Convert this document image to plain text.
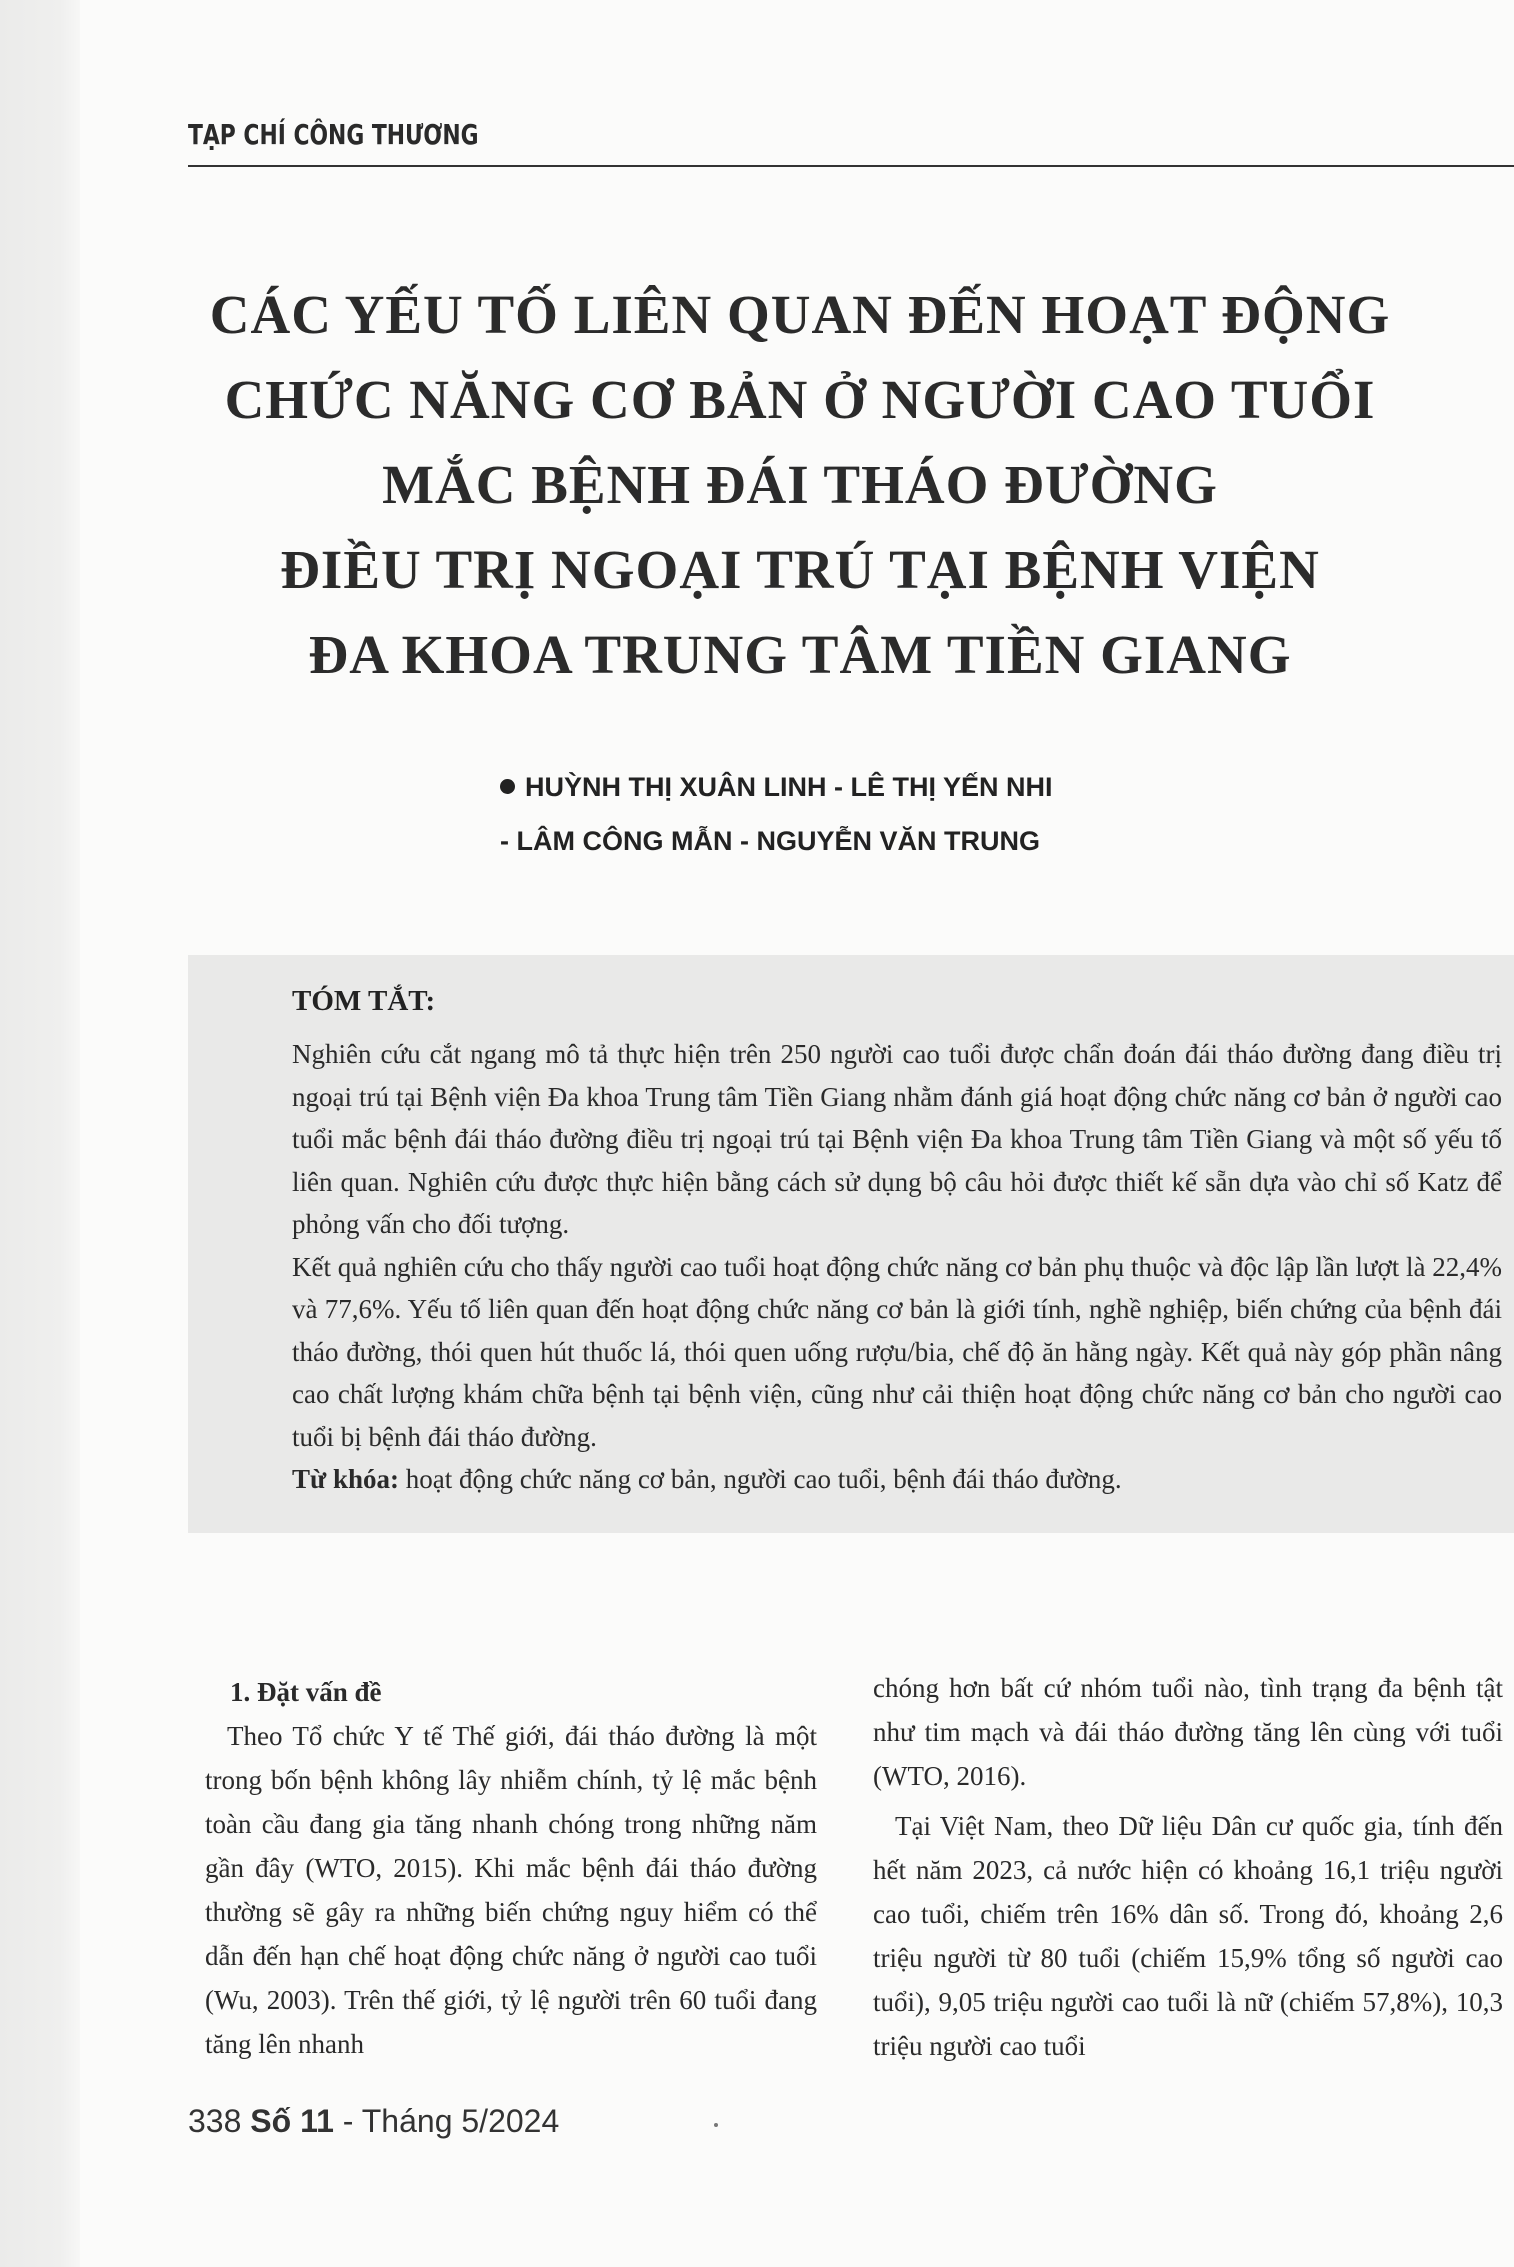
TẠP CHÍ CÔNG THƯƠNG
CÁC YẾU TỐ LIÊN QUAN ĐẾN HOẠT ĐỘNG
CHỨC NĂNG CƠ BẢN Ở NGƯỜI CAO TUỔI
MẮC BỆNH ĐÁI THÁO ĐƯỜNG
ĐIỀU TRỊ NGOẠI TRÚ TẠI BỆNH VIỆN
ĐA KHOA TRUNG TÂM TIỀN GIANG
HUỲNH THỊ XUÂN LINH - LÊ THỊ YẾN NHI
- LÂM CÔNG MẪN - NGUYỄN VĂN TRUNG
TÓM TẮT:

Nghiên cứu cắt ngang mô tả thực hiện trên 250 người cao tuổi được chẩn đoán đái tháo đường đang điều trị ngoại trú tại Bệnh viện Đa khoa Trung tâm Tiền Giang nhằm đánh giá hoạt động chức năng cơ bản ở người cao tuổi mắc bệnh đái tháo đường điều trị ngoại trú tại Bệnh viện Đa khoa Trung tâm Tiền Giang và một số yếu tố liên quan. Nghiên cứu được thực hiện bằng cách sử dụng bộ câu hỏi được thiết kế sẵn dựa vào chỉ số Katz để phỏng vấn cho đối tượng.

Kết quả nghiên cứu cho thấy người cao tuổi hoạt động chức năng cơ bản phụ thuộc và độc lập lần lượt là 22,4% và 77,6%. Yếu tố liên quan đến hoạt động chức năng cơ bản là giới tính, nghề nghiệp, biến chứng của bệnh đái tháo đường, thói quen hút thuốc lá, thói quen uống rượu/bia, chế độ ăn hằng ngày. Kết quả này góp phần nâng cao chất lượng khám chữa bệnh tại bệnh viện, cũng như cải thiện hoạt động chức năng cơ bản cho người cao tuổi bị bệnh đái tháo đường.

Từ khóa: hoạt động chức năng cơ bản, người cao tuổi, bệnh đái tháo đường.

1. Đặt vấn đề

Theo Tổ chức Y tế Thế giới, đái tháo đường là một trong bốn bệnh không lây nhiễm chính, tỷ lệ mắc bệnh toàn cầu đang gia tăng nhanh chóng trong những năm gần đây (WTO, 2015). Khi mắc bệnh đái tháo đường thường sẽ gây ra những biến chứng nguy hiểm có thể dẫn đến hạn chế hoạt động chức năng ở người cao tuổi (Wu, 2003). Trên thế giới, tỷ lệ người trên 60 tuổi đang tăng lên nhanh

chóng hơn bất cứ nhóm tuổi nào, tình trạng đa bệnh tật như tim mạch và đái tháo đường tăng lên cùng với tuổi (WTO, 2016).

Tại Việt Nam, theo Dữ liệu Dân cư quốc gia, tính đến hết năm 2023, cả nước hiện có khoảng 16,1 triệu người cao tuổi, chiếm trên 16% dân số. Trong đó, khoảng 2,6 triệu người từ 80 tuổi (chiếm 15,9% tổng số người cao tuổi), 9,05 triệu người cao tuổi là nữ (chiếm 57,8%), 10,3 triệu người cao tuổi

338 Số 11 - Tháng 5/2024
